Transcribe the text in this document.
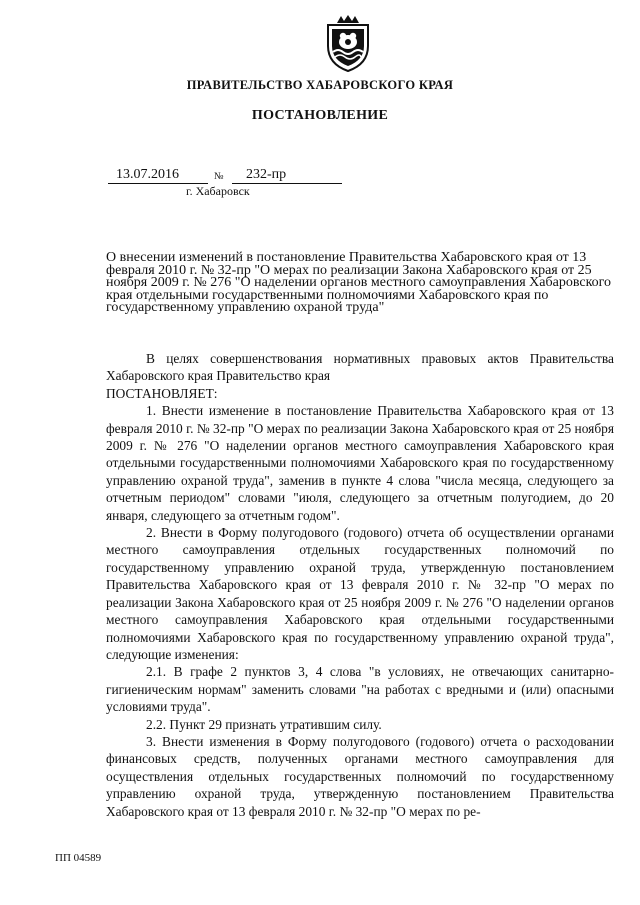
ПРАВИТЕЛЬСТВО ХАБАРОВСКОГО КРАЯ
ПОСТАНОВЛЕНИЕ
13.07.2016	№	232-пр
г. Хабаровск
О внесении изменений в постановление Правительства Хабаровского края от 13 февраля 2010 г. № 32-пр "О мерах по реализации Закона Хабаровского края от 25 ноября 2009 г. № 276 "О наделении органов местного самоуправления Хабаровского края отдельными государственными полномочиями Хабаровского края по государственному управлению охраной труда"

В целях совершенствования нормативных правовых актов Правительства Хабаровского края Правительство края

ПОСТАНОВЛЯЕТ:

1. Внести изменение в постановление Правительства Хабаровского края от 13 февраля 2010 г. № 32-пр "О мерах по реализации Закона Хабаровского края от 25 ноября 2009 г. № 276 "О наделении органов местного самоуправления Хабаровского края отдельными государственными полномочиями Хабаровского края по государственному управлению охраной труда", заменив в пункте 4 слова "числа месяца, следующего за отчетным периодом" словами "июля, следующего за отчетным полугодием, до 20 января, следующего за отчетным годом".

2. Внести в Форму полугодового (годового) отчета об осуществлении органами местного самоуправления отдельных государственных полномочий по государственному управлению охраной труда, утвержденную постановлением Правительства Хабаровского края от 13 февраля 2010 г. № 32-пр "О мерах по реализации Закона Хабаровского края от 25 ноября 2009 г. № 276 "О наделении органов местного самоуправления Хабаровского края отдельными государственными полномочиями Хабаровского края по государственному управлению охраной труда", следующие изменения:

2.1. В графе 2 пунктов 3, 4 слова "в условиях, не отвечающих санитарно-гигиеническим нормам" заменить словами "на работах с вредными и (или) опасными условиями труда".

2.2. Пункт 29 признать утратившим силу.

3. Внести изменения в Форму полугодового (годового) отчета о расходовании финансовых средств, полученных органами местного самоуправления для осуществления отдельных государственных полномочий по государственному управлению охраной труда, утвержденную постановлением Правительства Хабаровского края от 13 февраля 2010 г. № 32-пр "О мерах по ре-

ПП 04589
